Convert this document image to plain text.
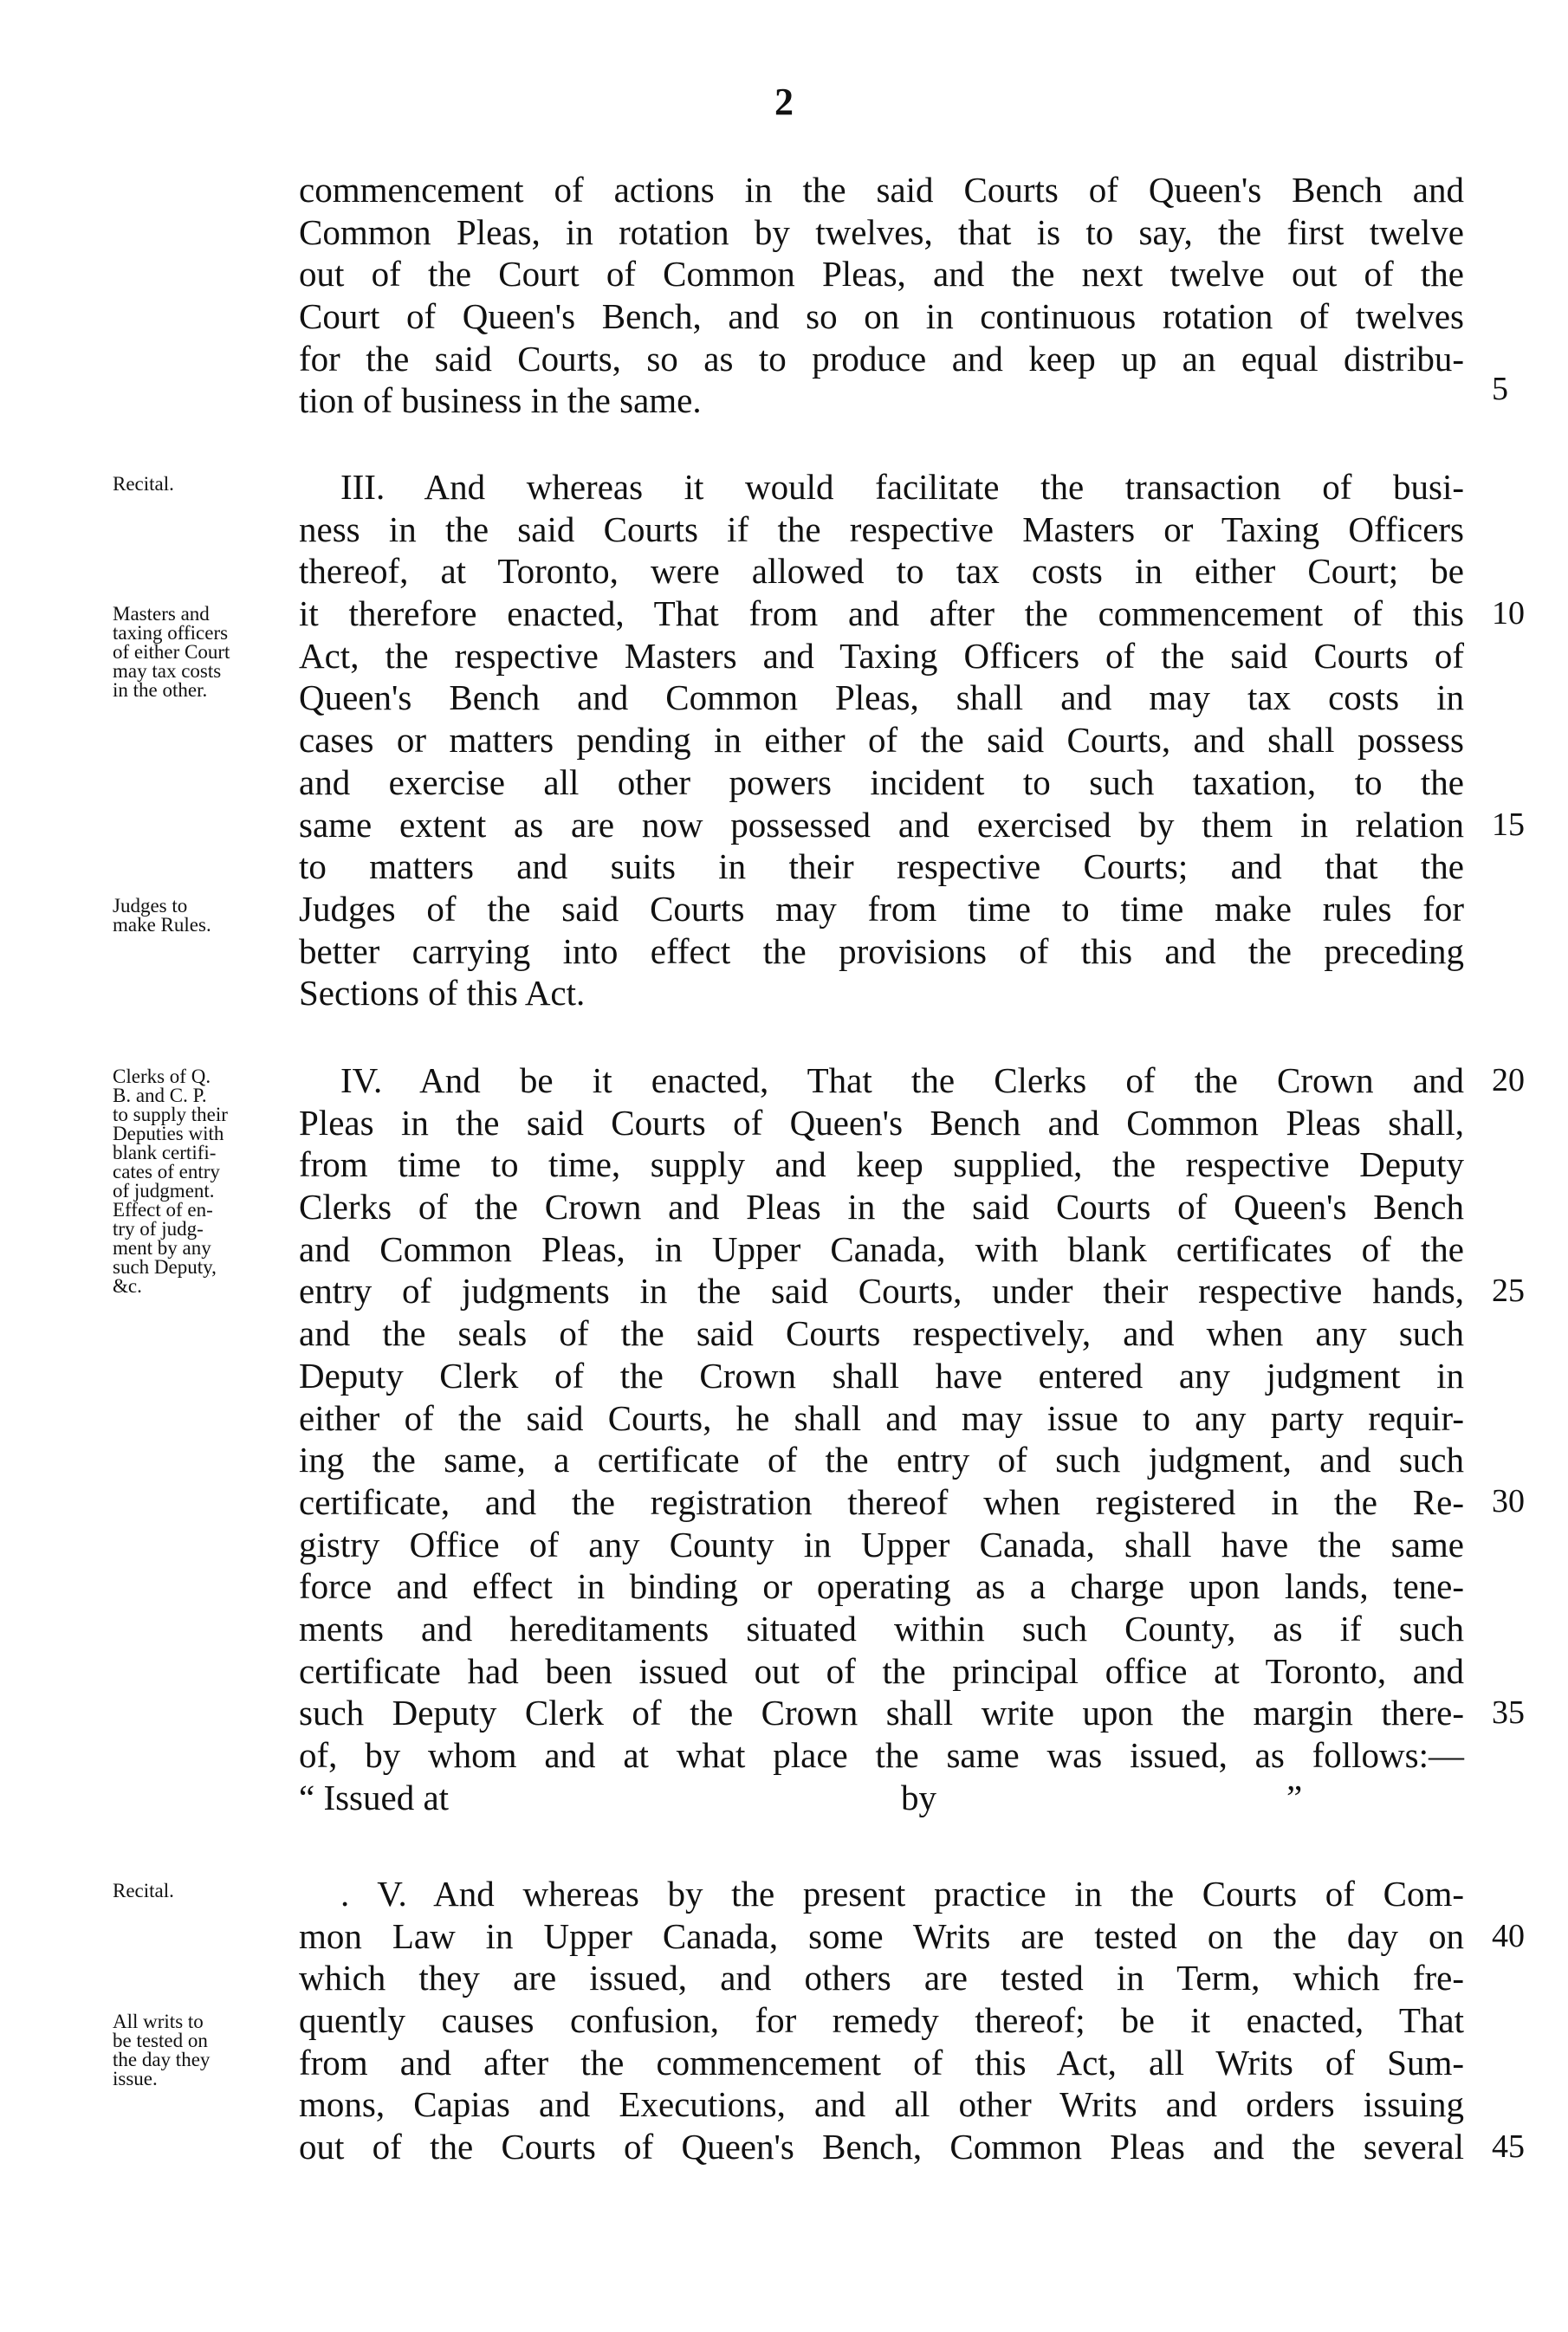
2
commencement of actions in the said Courts of Queen's Bench and
Common Pleas, in rotation by twelves, that is to say, the first twelve
out of the Court of Common Pleas, and the next twelve out of the
Court of Queen's Bench, and so on in continuous rotation of twelves
for the said Courts, so as to produce and keep up an equal distribu-
tion of business in the same.
III. And whereas it would facilitate the transaction of busi-
ness in the said Courts if the respective Masters or Taxing Officers
thereof, at Toronto, were allowed to tax costs in either Court; be
it therefore enacted, That from and after the commencement of this
Act, the respective Masters and Taxing Officers of the said Courts of
Queen's Bench and Common Pleas, shall and may tax costs in
cases or matters pending in either of the said Courts, and shall possess
and exercise all other powers incident to such taxation, to the
same extent as are now possessed and exercised by them in relation
to matters and suits in their respective Courts; and that the
Judges of the said Courts may from time to time make rules for
better carrying into effect the provisions of this and the preceding
Sections of this Act.
IV. And be it enacted, That the Clerks of the Crown and
Pleas in the said Courts of Queen's Bench and Common Pleas shall,
from time to time, supply and keep supplied, the respective Deputy
Clerks of the Crown and Pleas in the said Courts of Queen's Bench
and Common Pleas, in Upper Canada, with blank certificates of the
entry of judgments in the said Courts, under their respective hands,
and the seals of the said Courts respectively, and when any such
Deputy Clerk of the Crown shall have entered any judgment in
either of the said Courts, he shall and may issue to any party requir-
ing the same, a certificate of the entry of such judgment, and such
certificate, and the registration thereof when registered in the Re-
gistry Office of any County in Upper Canada, shall have the same
force and effect in binding or operating as a charge upon lands, tene-
ments and hereditaments situated within such County, as if such
certificate had been issued out of the principal office at Toronto, and
such Deputy Clerk of the Crown shall write upon the margin there-
of, by whom and at what place the same was issued, as follows:—
“ Issued at	by	”
. V. And whereas by the present practice in the Courts of Com-
mon Law in Upper Canada, some Writs are tested on the day on
which they are issued, and others are tested in Term, which fre-
quently causes confusion, for remedy thereof; be it enacted, That
from and after the commencement of this Act, all Writs of Sum-
mons, Capias and Executions, and all other Writs and orders issuing
out of the Courts of Queen's Bench, Common Pleas and the several
5
10
15
20
25
30
35
40
45
Recital.
Masters and
taxing officers
of either Court
may tax costs
in the other.
Judges to
make Rules.
Clerks of Q.
B. and C. P.
to supply their
Deputies with
blank certifi-
cates of entry
of judgment.
Effect of en-
try of judg-
ment by any
such Deputy,
&c.
Recital.
All writs to
be tested on
the day they
issue.
